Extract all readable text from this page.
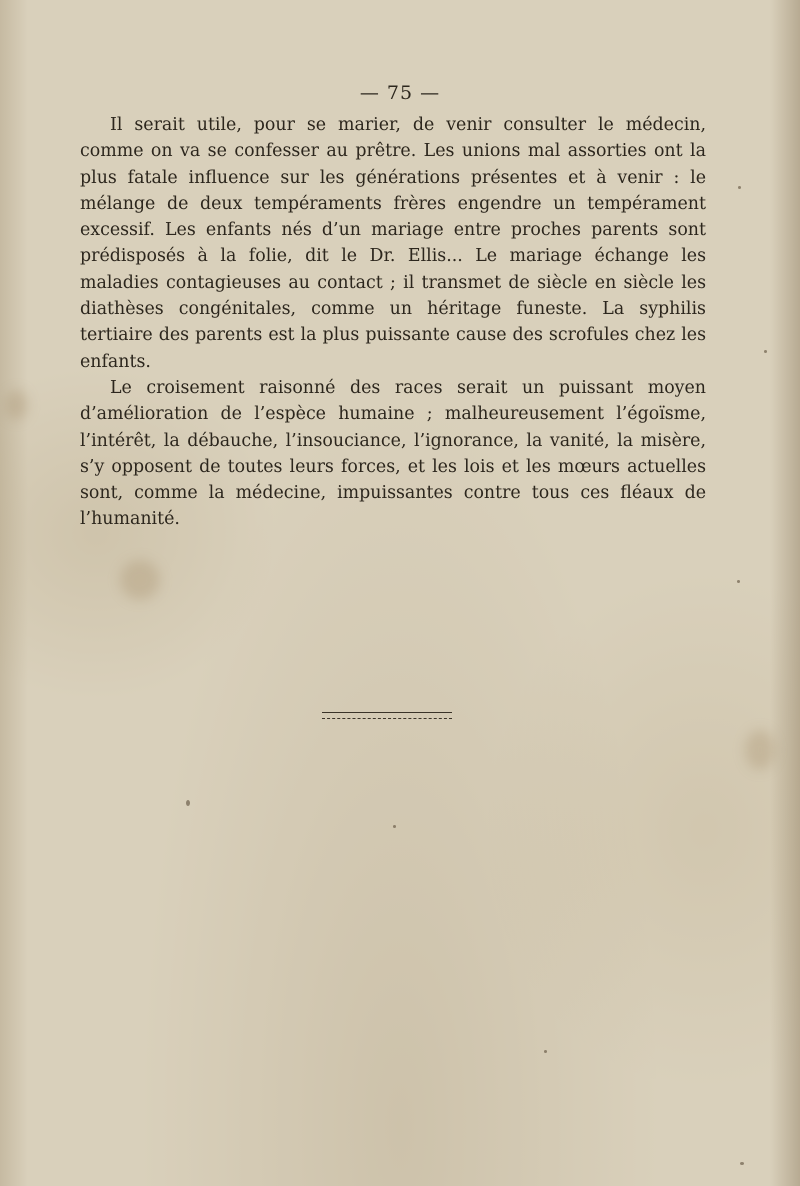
— 75 —

Il serait utile, pour se marier, de venir consulter le médecin, comme on va se confesser au prêtre. Les unions mal assorties ont la plus fatale influence sur les générations présentes et à venir : le mélange de deux tempéraments frères engendre un tempérament excessif. Les enfants nés d’un mariage entre proches parents sont prédisposés à la folie, dit le Dr. Ellis... Le mariage échange les maladies contagieuses au contact ; il transmet de siècle en siècle les diathèses congénitales, comme un héritage funeste. La syphilis tertiaire des parents est la plus puissante cause des scrofules chez les enfants.

Le croisement raisonné des races serait un puissant moyen d’amélioration de l’espèce humaine ; malheureusement l’égoïsme, l’intérêt, la débauche, l’insouciance, l’ignorance, la vanité, la misère, s’y opposent de toutes leurs forces, et les lois et les mœurs actuelles sont, comme la médecine, impuissantes contre tous ces fléaux de l’humanité.
